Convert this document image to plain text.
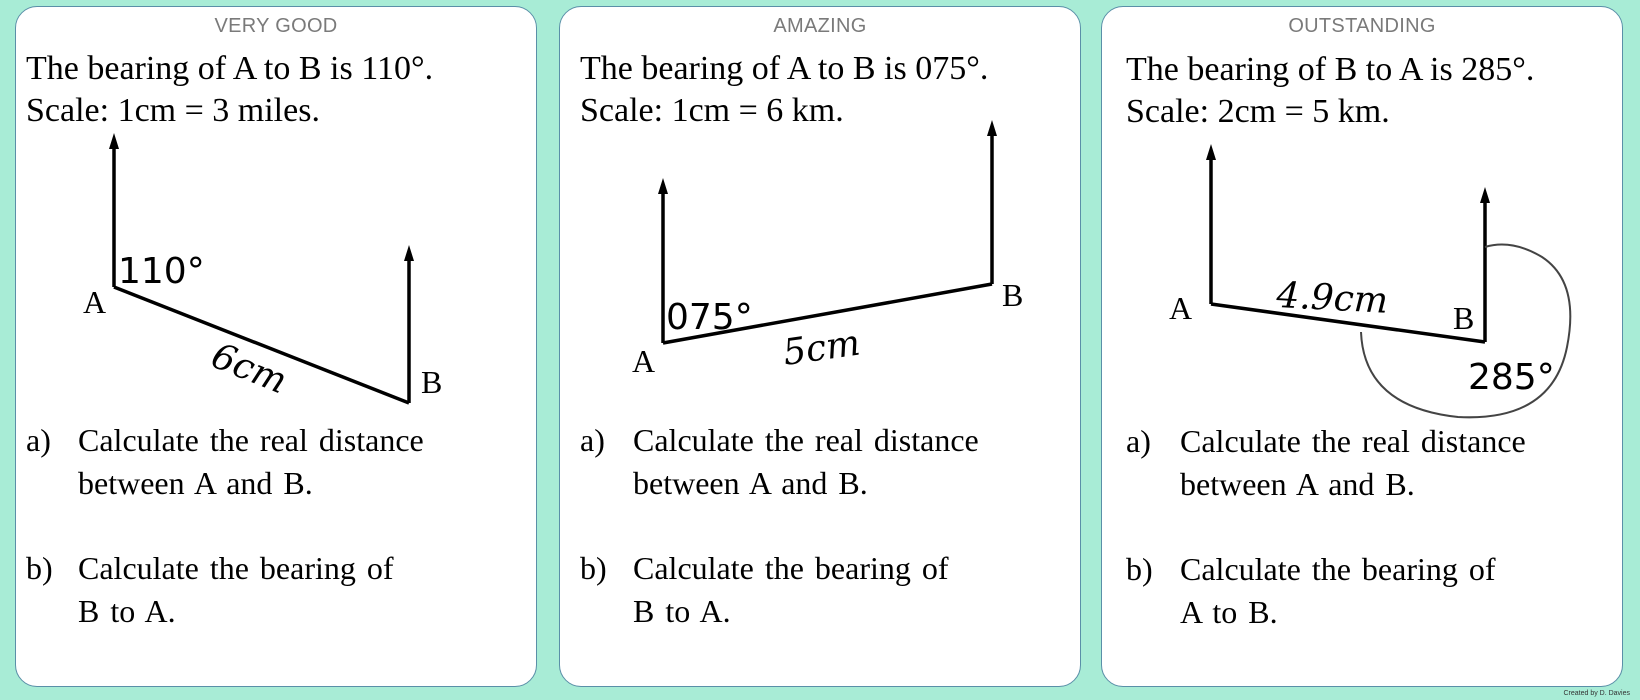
VERY GOOD
The bearing of A to B is 110°.
Scale: 1cm = 3 miles.
A
B
110°
6cm
a) Calculate the real distance
between A and B.
b) Calculate the bearing of
B to A.
AMAZING
The bearing of A to B is 075°.
Scale: 1cm = 6 km.
A
B
075°
5cm
a) Calculate the real distance
between A and B.
b) Calculate the bearing of
B to A.
OUTSTANDING
The bearing of B to A is 285°.
Scale: 2cm = 5 km.
A	B
285°
4.9cm
a) Calculate the real distance
between A and B.
b) Calculate the bearing of
A to B.
Created by D. Davies
